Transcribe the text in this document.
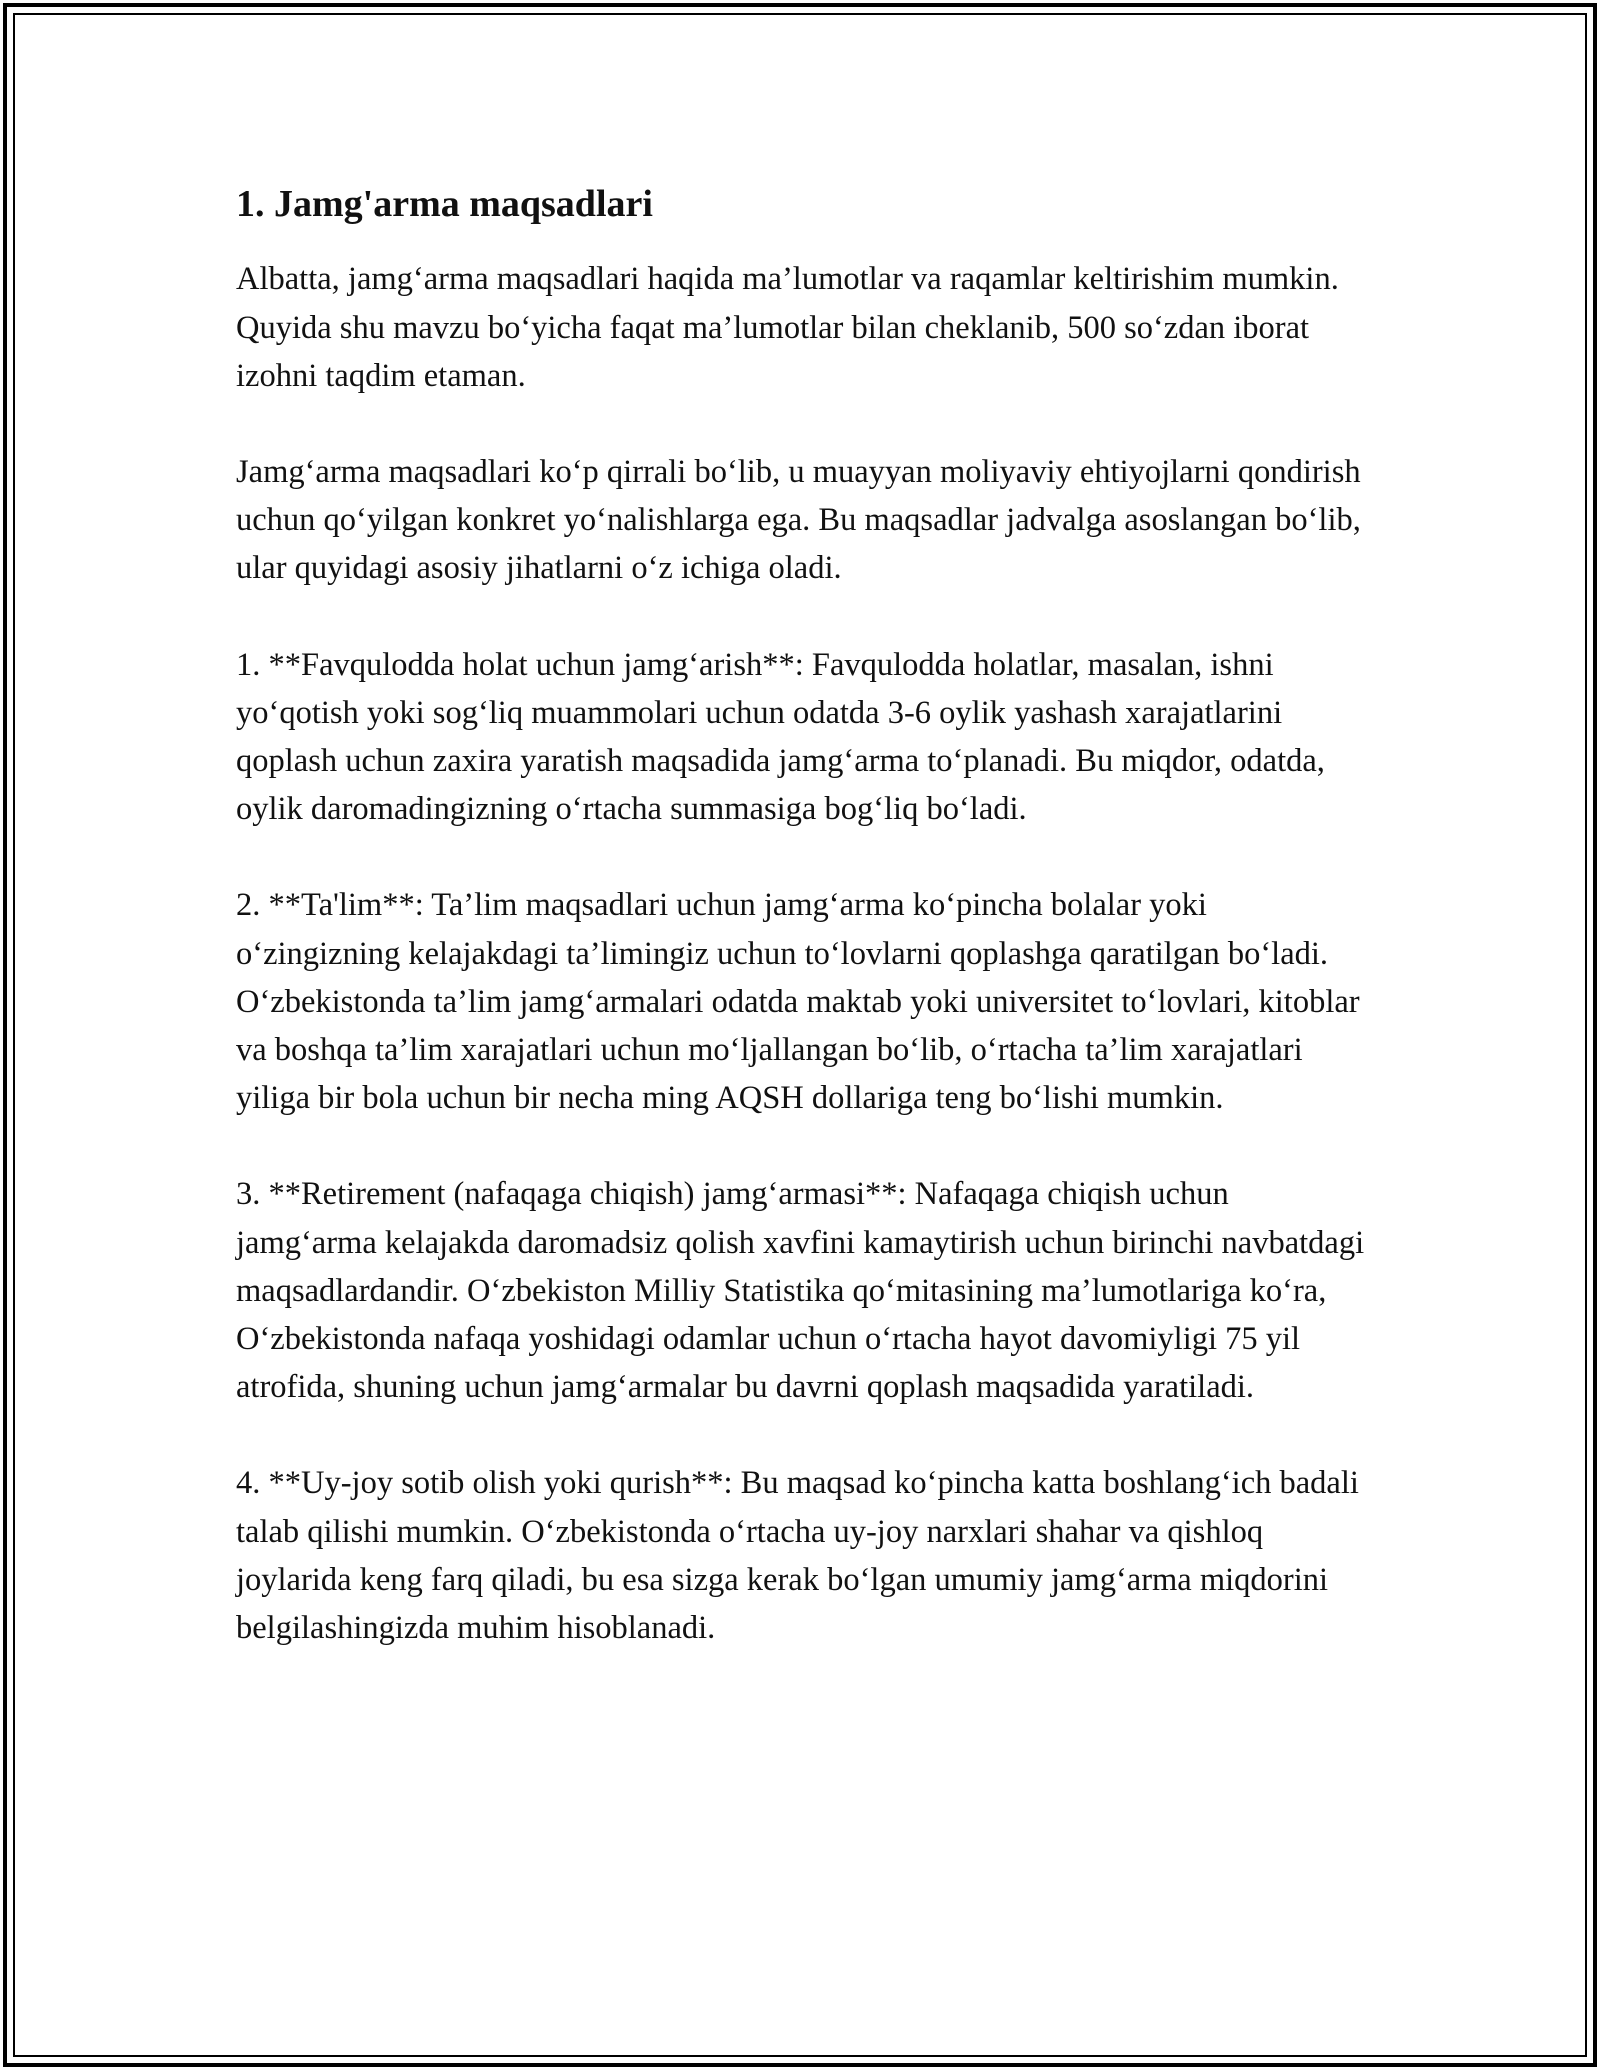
1. Jamg'arma maqsadlari

Albatta, jamg‘arma maqsadlari haqida ma’lumotlar va raqamlar keltirishim mumkin. Quyida shu mavzu bo‘yicha faqat ma’lumotlar bilan cheklanib, 500 so‘zdan iborat izohni taqdim etaman.

Jamg‘arma maqsadlari ko‘p qirrali bo‘lib, u muayyan moliyaviy ehtiyojlarni qondirish uchun qo‘yilgan konkret yo‘nalishlarga ega. Bu maqsadlar jadvalga asoslangan bo‘lib, ular quyidagi asosiy jihatlarni o‘z ichiga oladi.

1. **Favqulodda holat uchun jamg‘arish**: Favqulodda holatlar, masalan, ishni yo‘qotish yoki sog‘liq muammolari uchun odatda 3-6 oylik yashash xarajatlarini qoplash uchun zaxira yaratish maqsadida jamg‘arma to‘planadi. Bu miqdor, odatda, oylik daromadingizning o‘rtacha summasiga bog‘liq bo‘ladi.

2. **Ta'lim**: Ta’lim maqsadlari uchun jamg‘arma ko‘pincha bolalar yoki o‘zingizning kelajakdagi ta’limingiz uchun to‘lovlarni qoplashga qaratilgan bo‘ladi. O‘zbekistonda ta’lim jamg‘armalari odatda maktab yoki universitet to‘lovlari, kitoblar va boshqa ta’lim xarajatlari uchun mo‘ljallangan bo‘lib, o‘rtacha ta’lim xarajatlari yiliga bir bola uchun bir necha ming AQSH dollariga teng bo‘lishi mumkin.

3. **Retirement (nafaqaga chiqish) jamg‘armasi**: Nafaqaga chiqish uchun jamg‘arma kelajakda daromadsiz qolish xavfini kamaytirish uchun birinchi navbatdagi maqsadlardandir. O‘zbekiston Milliy Statistika qo‘mitasining ma’lumotlariga ko‘ra, O‘zbekistonda nafaqa yoshidagi odamlar uchun o‘rtacha hayot davomiyligi 75 yil atrofida, shuning uchun jamg‘armalar bu davrni qoplash maqsadida yaratiladi.

4. **Uy-joy sotib olish yoki qurish**: Bu maqsad ko‘pincha katta boshlang‘ich badali talab qilishi mumkin. O‘zbekistonda o‘rtacha uy-joy narxlari shahar va qishloq joylarida keng farq qiladi, bu esa sizga kerak bo‘lgan umumiy jamg‘arma miqdorini belgilashingizda muhim hisoblanadi.
